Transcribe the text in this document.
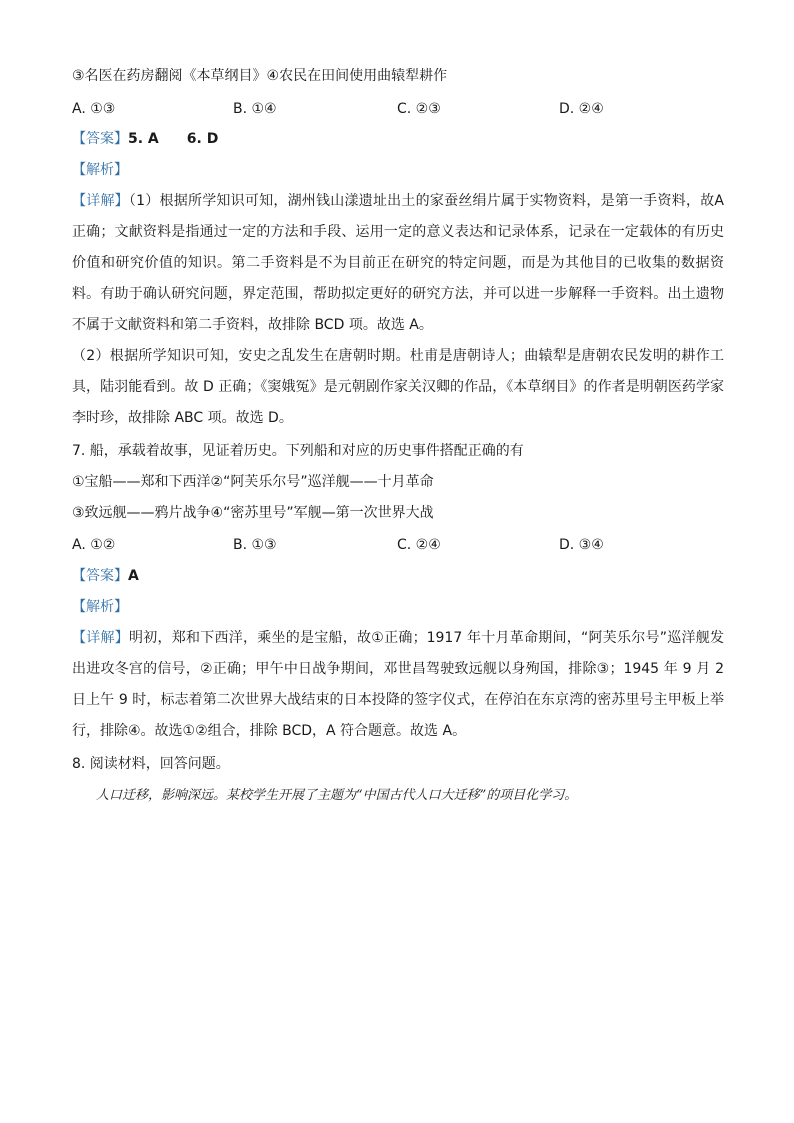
③名医在药房翻阅《本草纲目》④农民在田间使用曲辕犁耕作
A. ①③	B. ①④	C. ②③	D. ②④
【答案】5. A　　6. D
【解析】
【详解】（1）根据所学知识可知，湖州钱山漾遗址出土的家蚕丝绢片属于实物资料，是第一手资料，故A正确；文献资料是指通过一定的方法和手段、运用一定的意义表达和记录体系，记录在一定载体的有历史价值和研究价值的知识。第二手资料是不为目前正在研究的特定问题，而是为其他目的已收集的数据资料。有助于确认研究问题，界定范围，帮助拟定更好的研究方法，并可以进一步解释一手资料。出土遗物不属于文献资料和第二手资料，故排除 BCD 项。故选 A。
（2）根据所学知识可知，安史之乱发生在唐朝时期。杜甫是唐朝诗人；曲辕犁是唐朝农民发明的耕作工具，陆羽能看到。故 D 正确；《窦娥冤》是元朝剧作家关汉卿的作品，《本草纲目》的作者是明朝医药学家李时珍，故排除 ABC 项。故选 D。
7. 船，承载着故事，见证着历史。下列船和对应的历史事件搭配正确的有
①宝船——郑和下西洋②“阿芙乐尔号”巡洋舰——十月革命
③致远舰——鸦片战争④“密苏里号”军舰—第一次世界大战
A. ①②	B. ①③	C. ②④	D. ③④
【答案】A
【解析】
【详解】明初，郑和下西洋，乘坐的是宝船，故①正确；1917 年十月革命期间，“阿芙乐尔号”巡洋舰发出进攻冬宫的信号，②正确；甲午中日战争期间，邓世昌驾驶致远舰以身殉国，排除③；1945 年 9 月 2 日上午 9 时，标志着第二次世界大战结束的日本投降的签字仪式，在停泊在东京湾的密苏里号主甲板上举行，排除④。故选①②组合，排除 BCD，A 符合题意。故选 A。
8. 阅读材料，回答问题。
人口迁移，影响深远。某校学生开展了主题为“中国古代人口大迁移”的项目化学习。
